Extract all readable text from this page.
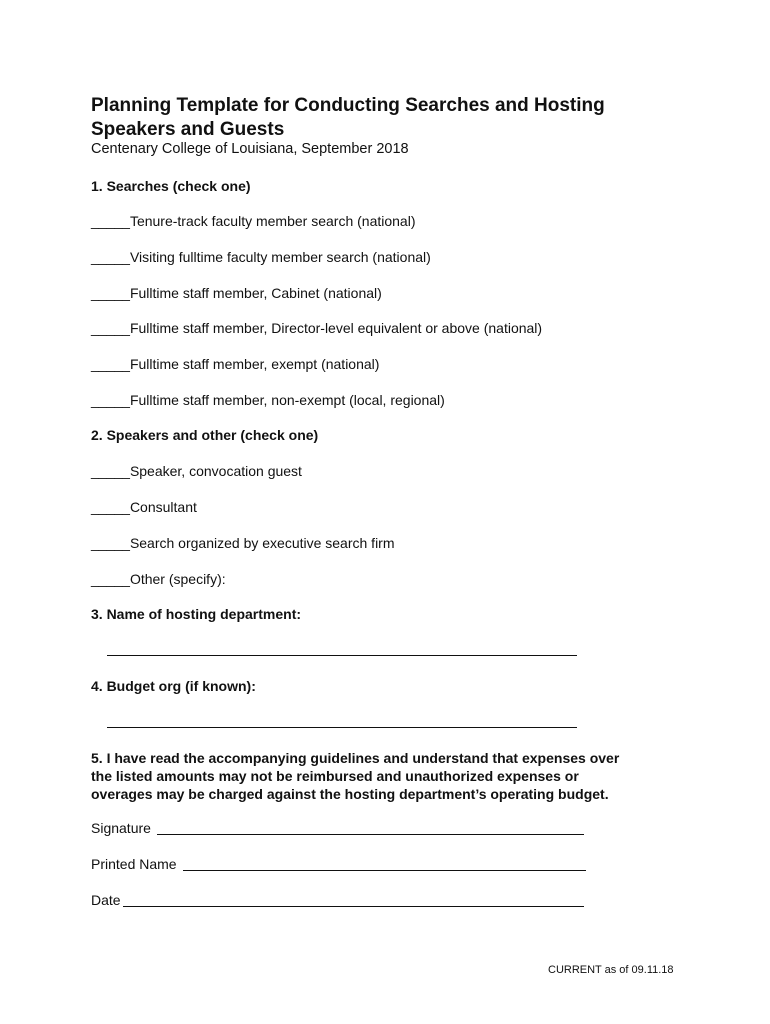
Planning Template for Conducting Searches and Hosting
Speakers and Guests
Centenary College of Louisiana, September 2018
1. Searches (check one)
_____Tenure-track faculty member search (national)
_____Visiting fulltime faculty member search (national)
_____Fulltime staff member, Cabinet (national)
_____Fulltime staff member, Director-level equivalent or above (national)
_____Fulltime staff member, exempt (national)
_____Fulltime staff member, non-exempt (local, regional)
2. Speakers and other (check one)
_____Speaker, convocation guest
_____Consultant
_____Search organized by executive search firm
_____Other (specify):
3. Name of hosting department:
4. Budget org (if known):
5. I have read the accompanying guidelines and understand that expenses over
the listed amounts may not be reimbursed and unauthorized expenses or
overages may be charged against the hosting department’s operating budget.
Signature
Printed Name
Date
CURRENT as of 09.11.18
